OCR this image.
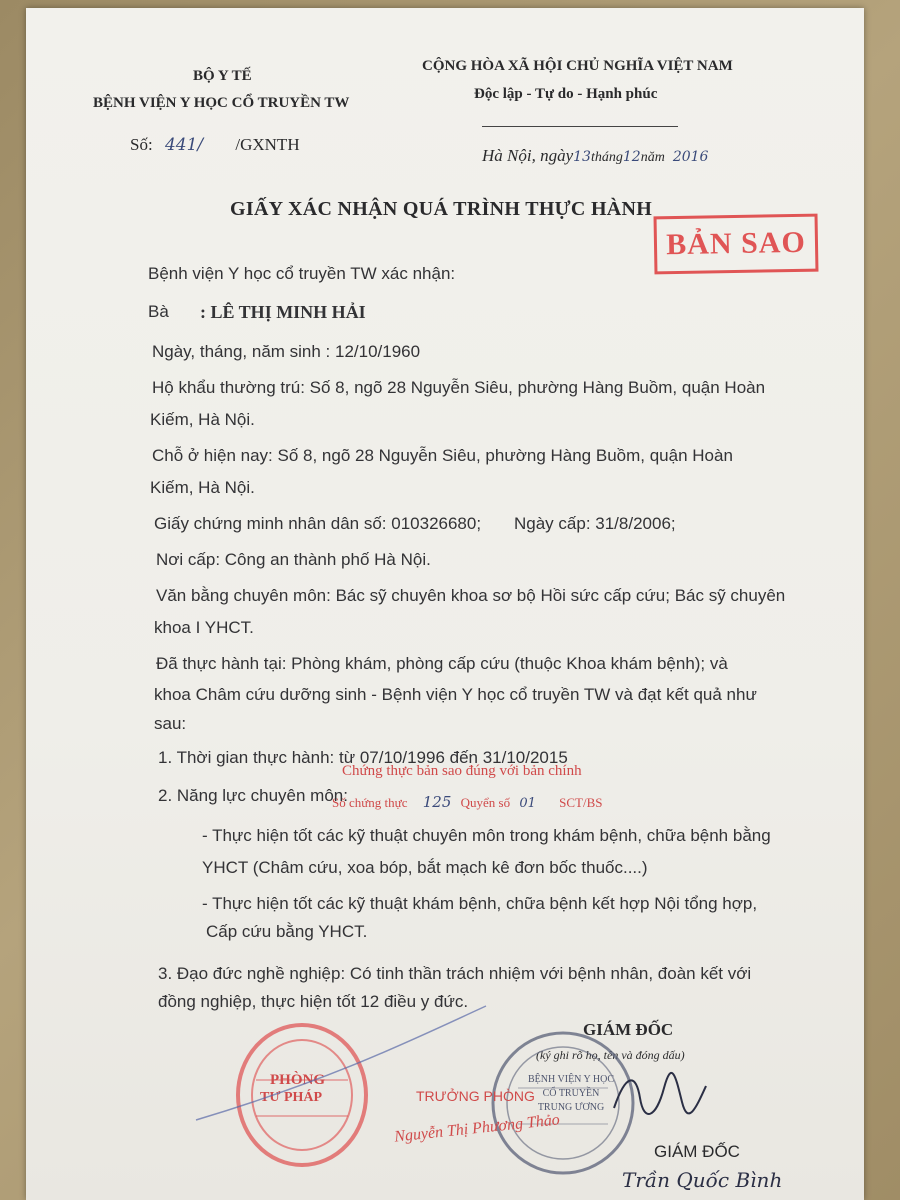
BỘ Y TẾ
BỆNH VIỆN Y HỌC CỔ TRUYỀN TW
Số: 441/ /GXNTH
CỘNG HÒA XÃ HỘI CHỦ NGHĨA VIỆT NAM
Độc lập - Tự do - Hạnh phúc
Hà Nội, ngày13tháng12năm 2016
GIẤY XÁC NHẬN QUÁ TRÌNH THỰC HÀNH
BẢN SAO
Bệnh viện Y học cổ truyền TW xác nhận:
Bà : LÊ THỊ MINH HẢI
Ngày, tháng, năm sinh : 12/10/1960
Hộ khẩu thường trú: Số 8, ngõ 28 Nguyễn Siêu, phường Hàng Buồm, quận Hoàn
Kiếm, Hà Nội.
Chỗ ở hiện nay: Số 8, ngõ 28 Nguyễn Siêu, phường Hàng Buồm, quận Hoàn
Kiếm, Hà Nội.
Giấy chứng minh nhân dân số: 010326680; Ngày cấp: 31/8/2006;
Nơi cấp: Công an thành phố Hà Nội.
Văn bằng chuyên môn: Bác sỹ chuyên khoa sơ bộ Hồi sức cấp cứu; Bác sỹ chuyên
khoa I YHCT.
Đã thực hành tại: Phòng khám, phòng cấp cứu (thuộc Khoa khám bệnh); và
khoa Châm cứu dưỡng sinh - Bệnh viện Y học cổ truyền TW và đạt kết quả như
sau:
1. Thời gian thực hành: từ 07/10/1996 đến 31/10/2015
Chứng thực bản sao đúng với bản chính
Số chứng thực 125 Quyển số 01 SCT/BS
2. Năng lực chuyên môn:
- Thực hiện tốt các kỹ thuật chuyên môn trong khám bệnh, chữa bệnh bằng
YHCT (Châm cứu, xoa bóp, bắt mạch kê đơn bốc thuốc....)
- Thực hiện tốt các kỹ thuật khám bệnh, chữa bệnh kết hợp Nội tổng hợp,
Cấp cứu bằng YHCT.
3. Đạo đức nghề nghiệp: Có tinh thần trách nhiệm với bệnh nhân, đoàn kết với
đồng nghiệp, thực hiện tốt 12 điều y đức.
GIÁM ĐỐC
(ký ghi rõ họ, tên và đóng dấu)
BỆNH VIỆN Y HỌC CỔ TRUYỀN TRUNG ƯƠNG
GIÁM ĐỐC
Trần Quốc Bình
PHÒNG
TƯ PHÁP	TRƯỞNG PHÒNG
Nguyễn Thị Phương Thảo
